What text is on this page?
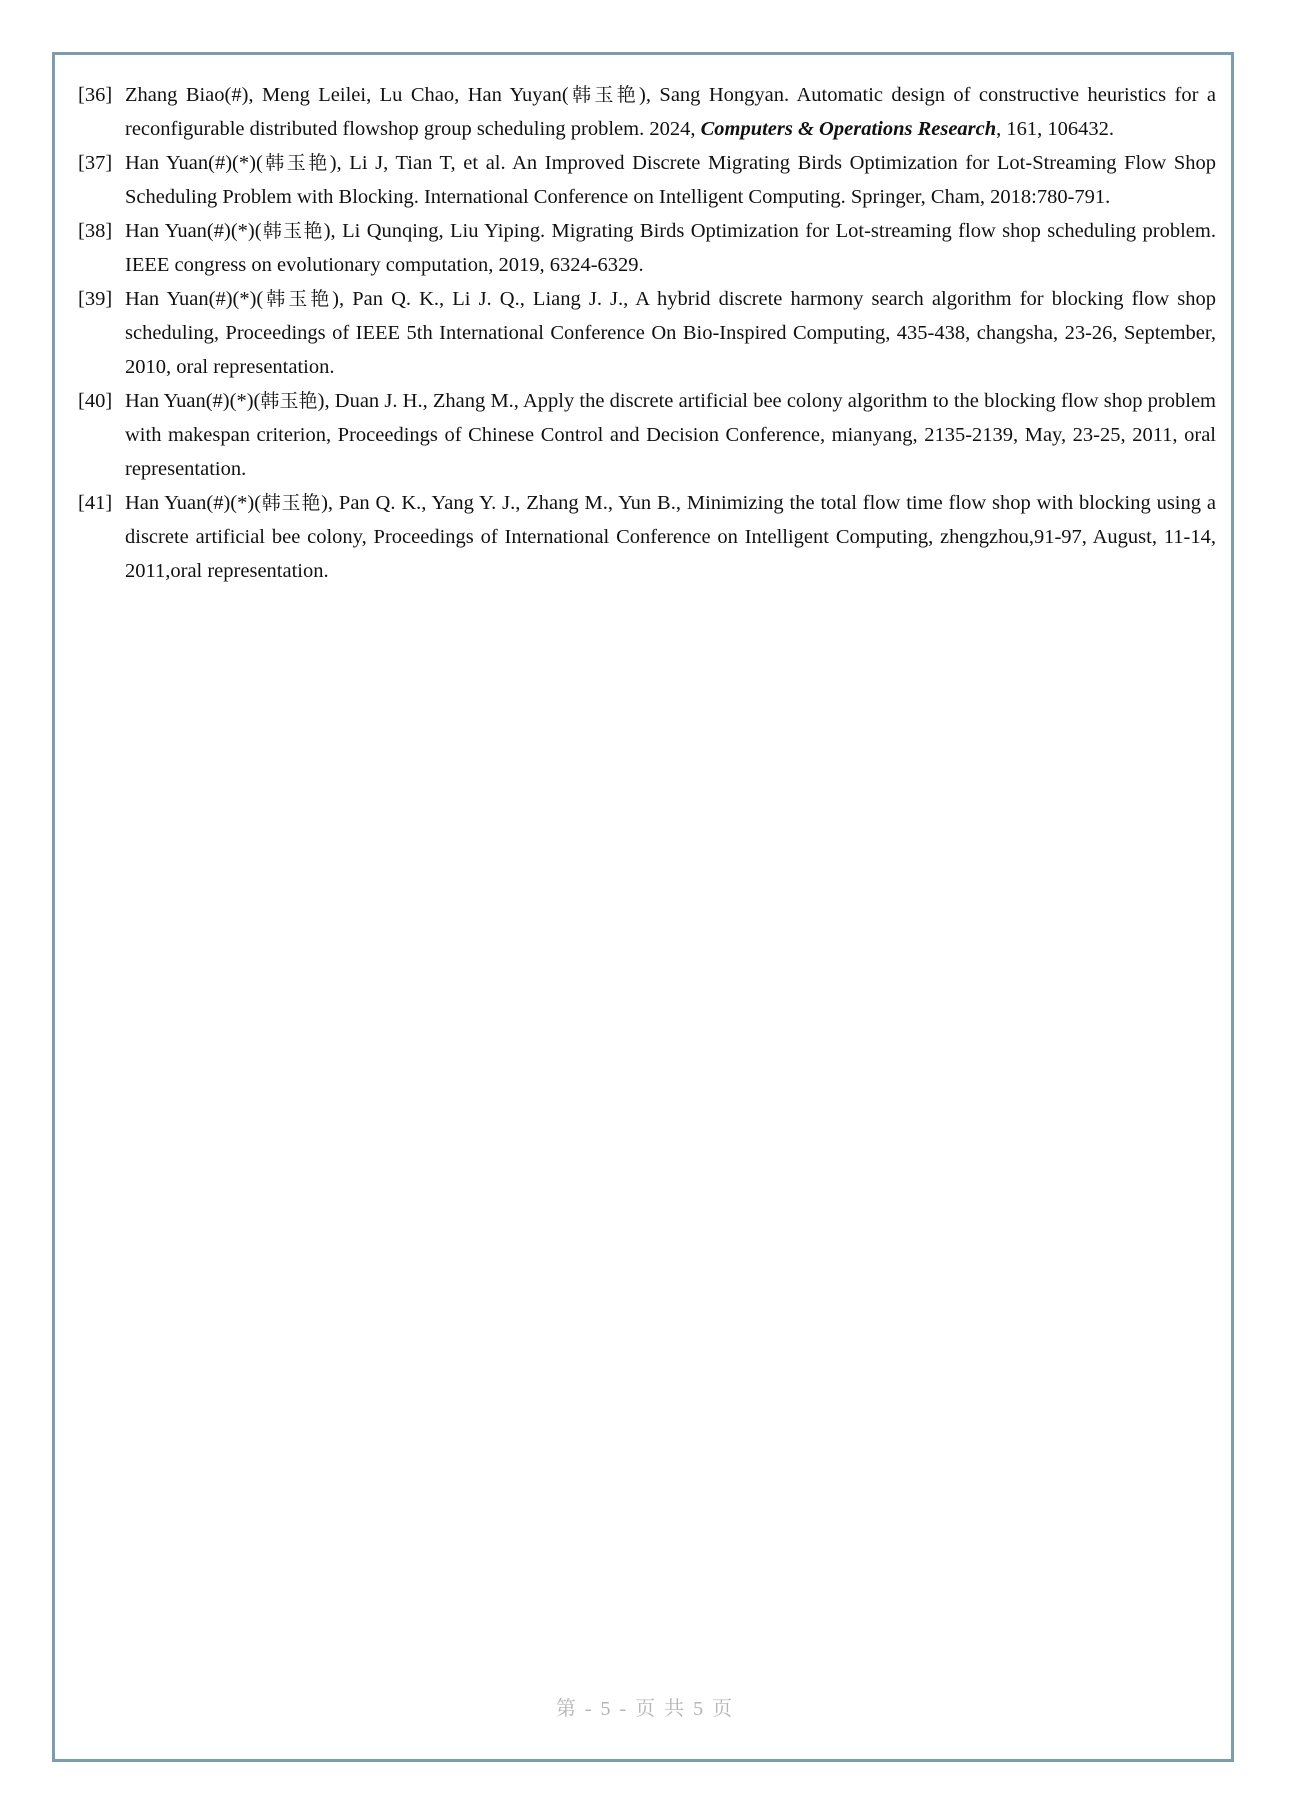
[36] Zhang Biao(#), Meng Leilei, Lu Chao, Han Yuyan(韩玉艳), Sang Hongyan. Automatic design of constructive heuristics for a reconfigurable distributed flowshop group scheduling problem. 2024, Computers & Operations Research, 161, 106432.

[37] Han Yuan(#)(*)(韩玉艳), Li J, Tian T, et al. An Improved Discrete Migrating Birds Optimization for Lot-Streaming Flow Shop Scheduling Problem with Blocking. International Conference on Intelligent Computing. Springer, Cham, 2018:780-791.

[38] Han Yuan(#)(*)(韩玉艳), Li Qunqing, Liu Yiping. Migrating Birds Optimization for Lot-streaming flow shop scheduling problem. IEEE congress on evolutionary computation, 2019, 6324-6329.

[39] Han Yuan(#)(*)(韩玉艳), Pan Q. K., Li J. Q., Liang J. J., A hybrid discrete harmony search algorithm for blocking flow shop scheduling, Proceedings of IEEE 5th International Conference On Bio-Inspired Computing, 435-438, changsha, 23-26, September, 2010, oral representation.

[40] Han Yuan(#)(*)(韩玉艳), Duan J. H., Zhang M., Apply the discrete artificial bee colony algorithm to the blocking flow shop problem with makespan criterion, Proceedings of Chinese Control and Decision Conference, mianyang, 2135-2139, May, 23-25, 2011, oral representation.

[41] Han Yuan(#)(*)(韩玉艳), Pan Q. K., Yang Y. J., Zhang M., Yun B., Minimizing the total flow time flow shop with blocking using a discrete artificial bee colony, Proceedings of International Conference on Intelligent Computing, zhengzhou,91-97, August, 11-14, 2011,oral representation.

第 - 5 - 页 共 5 页
